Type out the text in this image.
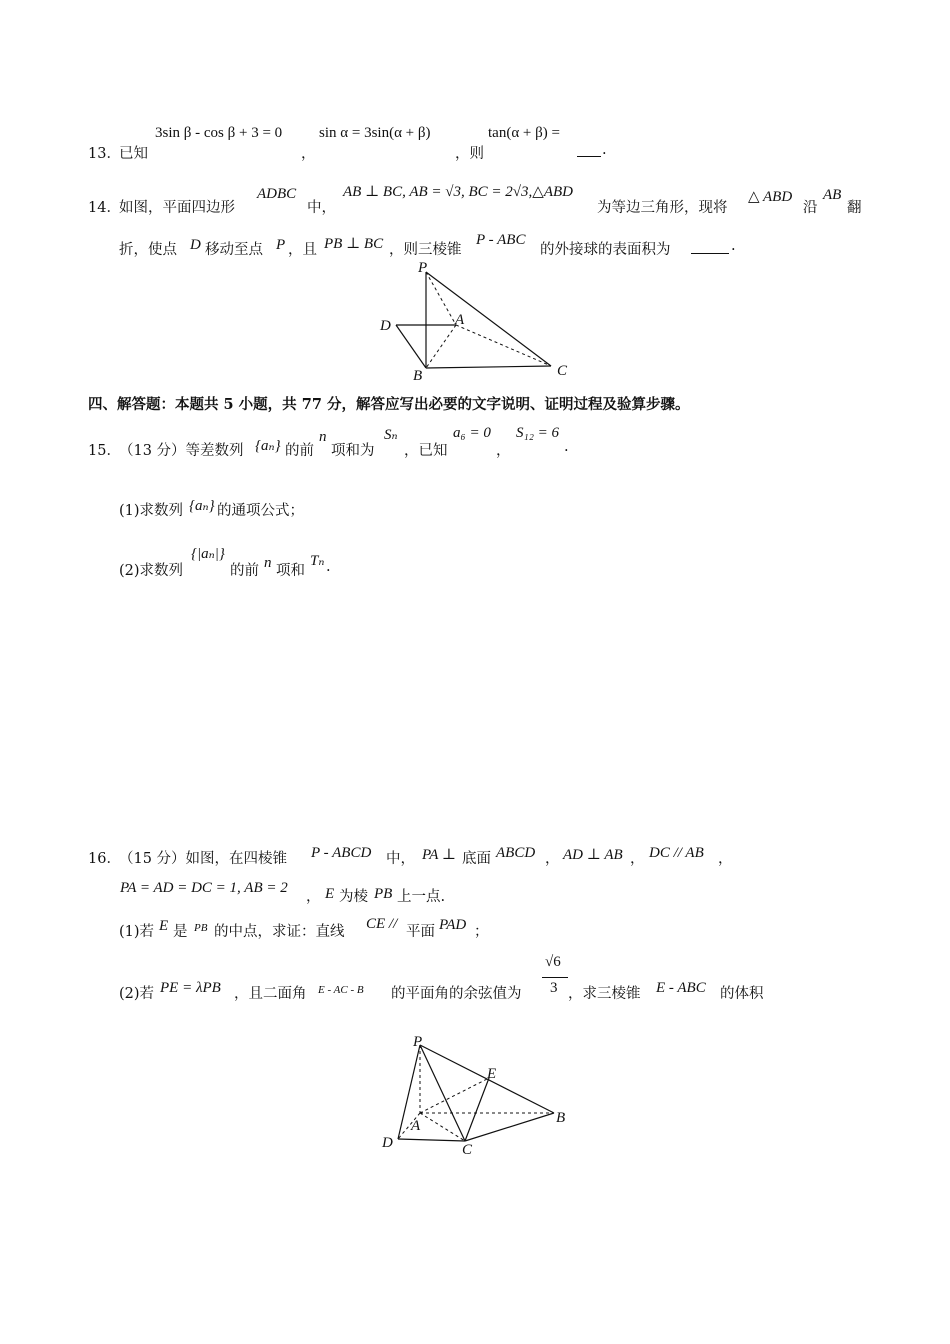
13．
已知
3sin β - cos β + 3 = 0
，
sin α = 3sin(α + β)
，则
tan(α + β) =
.
14．
如图，平面四边形
ADBC
中，
AB ⊥ BC, AB = √3, BC = 2√3,△ABD
为等边三角形，现将
△ ABD
沿
AB
翻
折，使点 D 移动至点 P ，且 PB ⊥ BC ，则三棱锥
P - ABC
的外接球的表面积为	.
P
A
D
B	C
四、解答题：本题共 5 小题，共 77 分，解答应写出必要的文字说明、证明过程及验算步骤。
15．
（13 分）等差数列 {aₙ} 的前
n
项和为
Sₙ
，已知
a₆ = 0
，
S₁₂ = 6
.
(1)求数列 {aₙ} 的通项公式；
(2)求数列
{|aₙ|}
的前 n 项和
Tₙ .
16．
（15 分）如图，在四棱锥 P - ABCD 中， PA ⊥ 底面 ABCD ， AD ⊥ AB ， DC // AB ，
PA = AD = DC = 1, AB = 2
， E 为棱 PB 上一点.
(1)若 E 是 PB 的中点，求证：直线 CE // 平面 PAD ；
(2)若 PE = λPB ，且二面角 E - AC - B 的平面角的余弦值为
√6
3 ，求三棱锥 E - ABC 的体积
P
E
A	B
D	C
